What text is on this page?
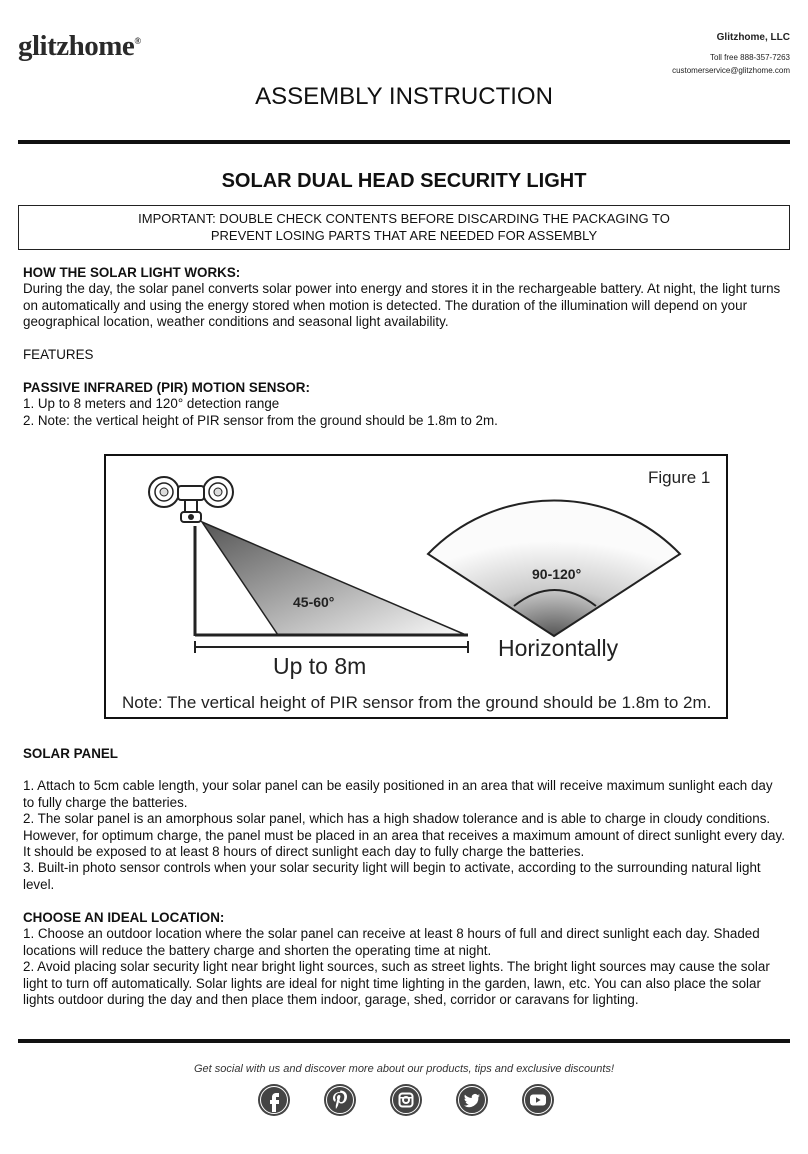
glitzhome®	Glitzhome, LLC
Toll free 888-357-7263
customerservice@glitzhome.com
ASSEMBLY INSTRUCTION
SOLAR DUAL HEAD SECURITY LIGHT
IMPORTANT: DOUBLE CHECK CONTENTS BEFORE DISCARDING THE PACKAGING TO
PREVENT LOSING PARTS THAT ARE NEEDED FOR ASSEMBLY

HOW THE SOLAR LIGHT WORKS:

During the day, the solar panel converts solar power into energy and stores it in the rechargeable battery. At night, the light turns on automatically and using the energy stored when motion is detected. The duration of the illumination will depend on your geographical location, weather conditions and seasonal light availability.

FEATURES

PASSIVE INFRARED (PIR) MOTION SENSOR:

1. Up to 8 meters and 120° detection range

2. Note: the vertical height of PIR sensor from the ground should be 1.8m to 2m.

45-60°
Up to 8m
90-120°
Horizontally
Figure 1
Note: The vertical height of PIR sensor from the ground should be 1.8m to 2m.

SOLAR PANEL

1. Attach to 5cm cable length, your solar panel can be easily positioned in an area that will receive maximum sunlight each day to fully charge the batteries.

2. The solar panel is an amorphous solar panel, which has a high shadow tolerance and is able to charge in cloudy conditions. However, for optimum charge, the panel must be placed in an area that receives a maximum amount of direct sunlight every day. It should be exposed to at least 8 hours of direct sunlight each day to fully charge the batteries.

3. Built-in photo sensor controls when your solar security light will begin to activate, according to the surrounding natural light level.

CHOOSE AN IDEAL LOCATION:

1. Choose an outdoor location where the solar panel can receive at least 8 hours of full and direct sunlight each day. Shaded locations will reduce the battery charge and shorten the operating time at night.

2. Avoid placing solar security light near bright light sources, such as street lights. The bright light sources may cause the solar light to turn off automatically. Solar lights are ideal for night time lighting in the garden, lawn, etc. You can also place the solar lights outdoor during the day and then place them indoor, garage, shed, corridor or caravans for lighting.

Get social with us and discover more about our products, tips and exclusive discounts!
